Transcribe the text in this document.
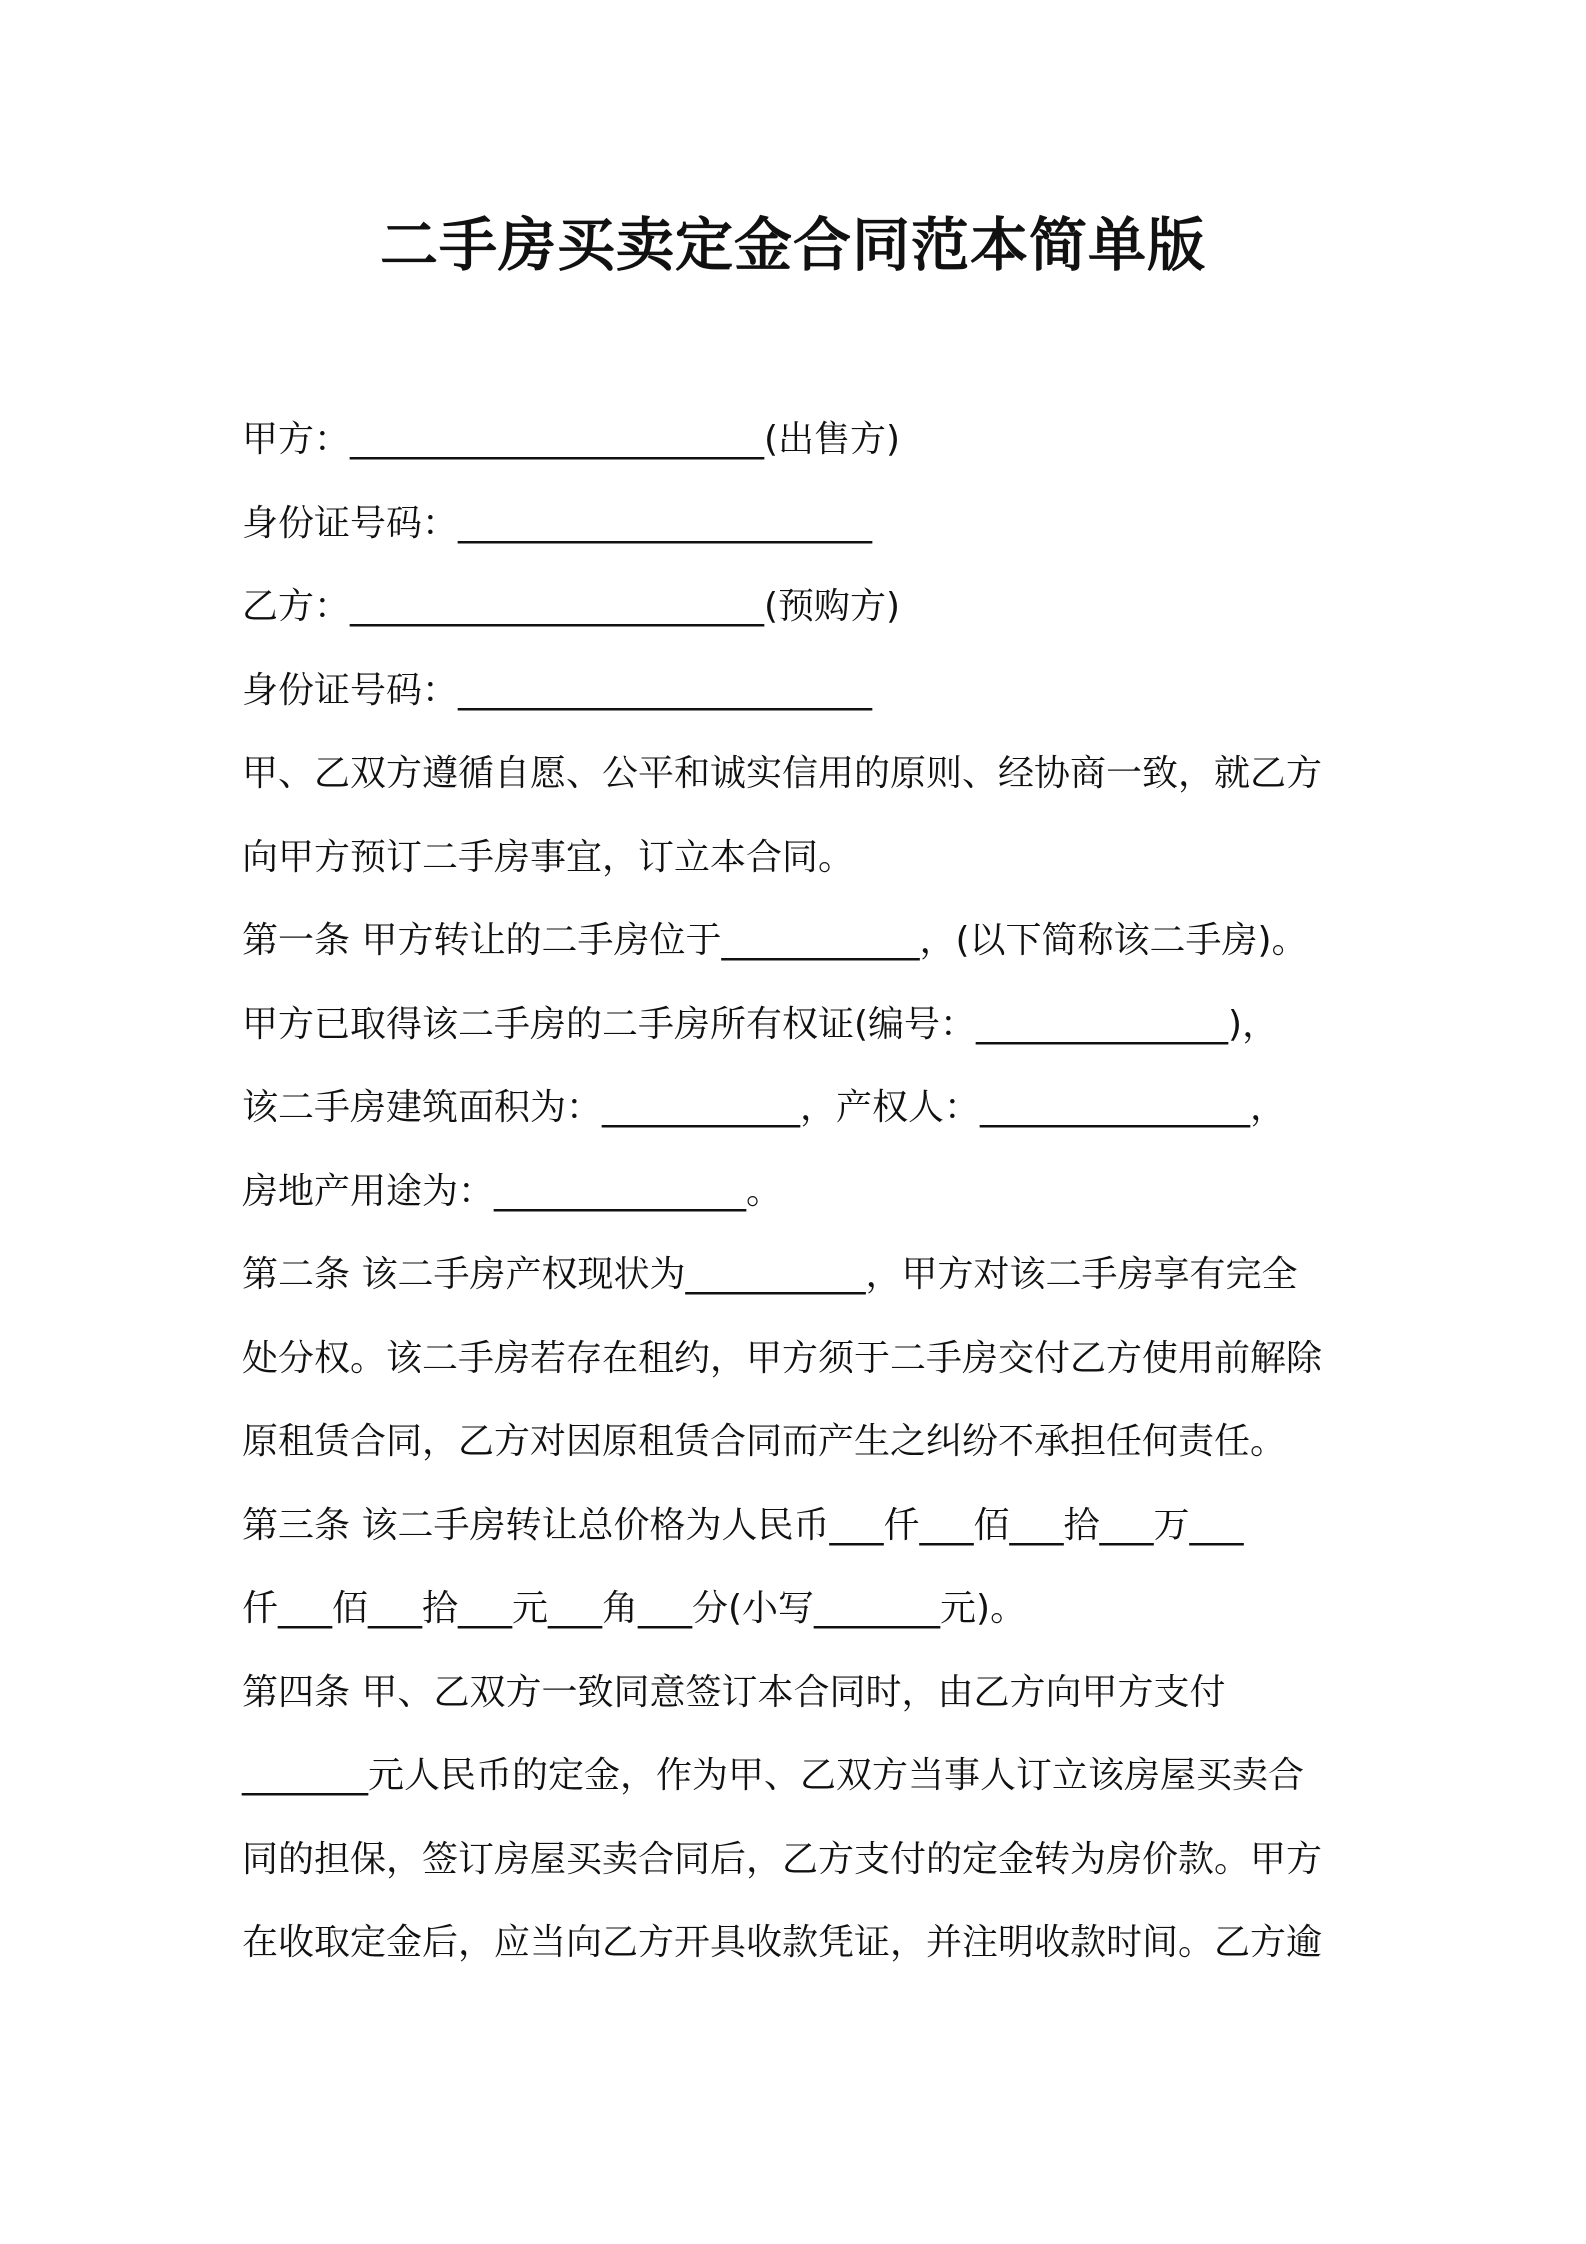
二手房买卖定金合同范本简单版
甲方：_______________________(出售方)
身份证号码：_______________________
乙方：_______________________(预购方)
身份证号码：_______________________
甲、乙双方遵循自愿、公平和诚实信用的原则、经协商一致，就乙方
向甲方预订二手房事宜，订立本合同。
第一条 甲方转让的二手房位于___________，(以下简称该二手房)。
甲方已取得该二手房的二手房所有权证(编号：______________)，
该二手房建筑面积为：___________，产权人：_______________，
房地产用途为：______________。
第二条 该二手房产权现状为__________，甲方对该二手房享有完全
处分权。该二手房若存在租约，甲方须于二手房交付乙方使用前解除
原租赁合同，乙方对因原租赁合同而产生之纠纷不承担任何责任。
第三条 该二手房转让总价格为人民币___仟___佰___拾___万___
仟___佰___拾___元___角___分(小写_______元)。
第四条 甲、乙双方一致同意签订本合同时，由乙方向甲方支付
_______元人民币的定金，作为甲、乙双方当事人订立该房屋买卖合
同的担保，签订房屋买卖合同后，乙方支付的定金转为房价款。甲方
在收取定金后，应当向乙方开具收款凭证，并注明收款时间。乙方逾
